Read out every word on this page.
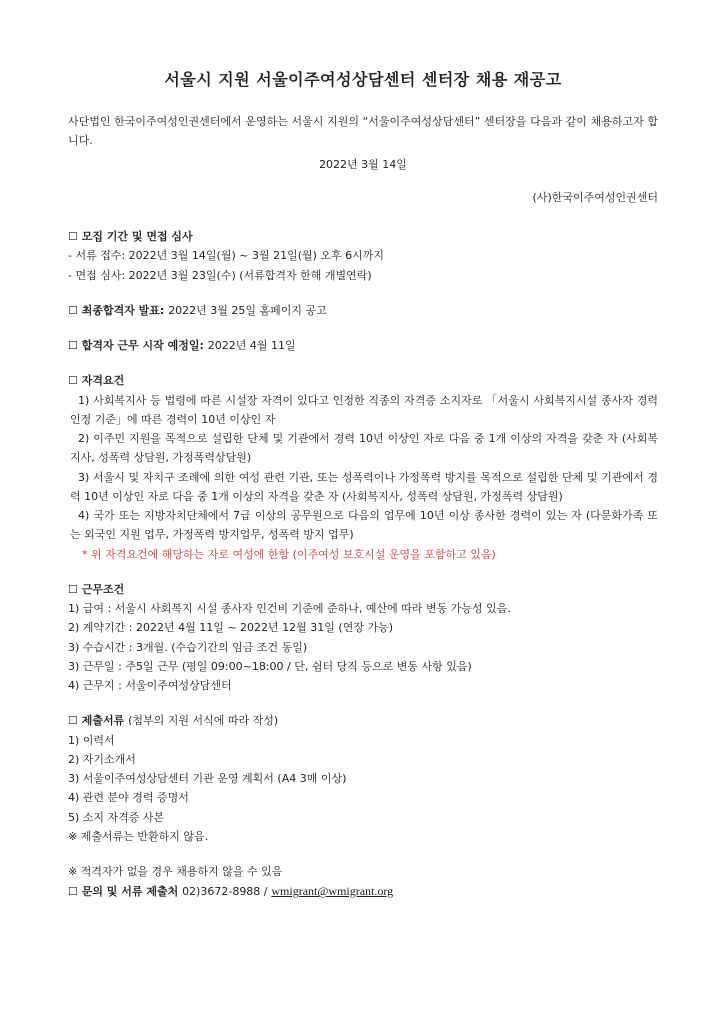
서울시 지원 서울이주여성상담센터 센터장 채용 재공고

사단법인 한국이주여성인권센터에서 운영하는 서울시 지원의 “서울이주여성상담센터” 센터장을 다음과 같이 채용하고자 합니다.

2022년 3월 14일
(사)한국이주여성인권센터
☐ 모집 기간 및 면접 심사
- 서류 접수: 2022년 3월 14일(월) ~ 3월 21일(월) 오후 6시까지
- 면접 심사: 2022년 3월 23일(수) (서류합격자 한해 개별연락)
☐ 최종합격자 발표: 2022년 3월 25일 홈페이지 공고
☐ 합격자 근무 시작 예정일: 2022년 4월 11일
☐ 자격요건

1) 사회복지사 등 법령에 따른 시설장 자격이 있다고 인정한 직종의 자격증 소지자로 「서울시 사회복지시설 종사자 경력인정 기준」에 따른 경력이 10년 이상인 자

2) 이주민 지원을 목적으로 설립한 단체 및 기관에서 경력 10년 이상인 자로 다음 중 1개 이상의 자격을 갖춘 자 (사회복지사, 성폭력 상담원, 가정폭력상담원)

3) 서울시 및 자치구 조례에 의한 여성 관련 기관, 또는 성폭력이나 가정폭력 방지를 목적으로 설립한 단체 및 기관에서 경력 10년 이상인 자로 다음 중 1개 이상의 자격을 갖춘 자 (사회복지사, 성폭력 상담원, 가정폭력 상담원)

4) 국가 또는 지방자치단체에서 7급 이상의 공무원으로 다음의 업무에 10년 이상 종사한 경력이 있는 자 (다문화가족 또는 외국인 지원 업무, 가정폭력 방지업무, 성폭력 방지 업무)

* 위 자격요건에 해당하는 자로 여성에 한함 (이주여성 보호시설 운영을 포함하고 있음)
☐ 근무조건
1) 급여 : 서울시 사회복지 시설 종사자 인건비 기준에 준하나, 예산에 따라 변동 가능성 있음.
2) 계약기간 : 2022년 4월 11일 ~ 2022년 12월 31일 (연장 가능)
3) 수습시간 : 3개월. (수습기간의 임금 조건 동일)
3) 근무일 : 주5일 근무 (평일 09:00~18:00 / 단, 쉼터 당직 등으로 변동 사항 있음)
4) 근무지 : 서울이주여성상담센터
☐ 제출서류 (첨부의 지원 서식에 따라 작성)
1) 이력서
2) 자기소개서
3) 서울이주여성상담센터 기관 운영 계획서 (A4 3매 이상)
4) 관련 분야 경력 증명서
5) 소지 자격증 사본
※ 제출서류는 반환하지 않음.
※ 적격자가 없을 경우 채용하지 않을 수 있음
☐ 문의 및 서류 제출처 02)3672-8988 / wmigrant@wmigrant.org
